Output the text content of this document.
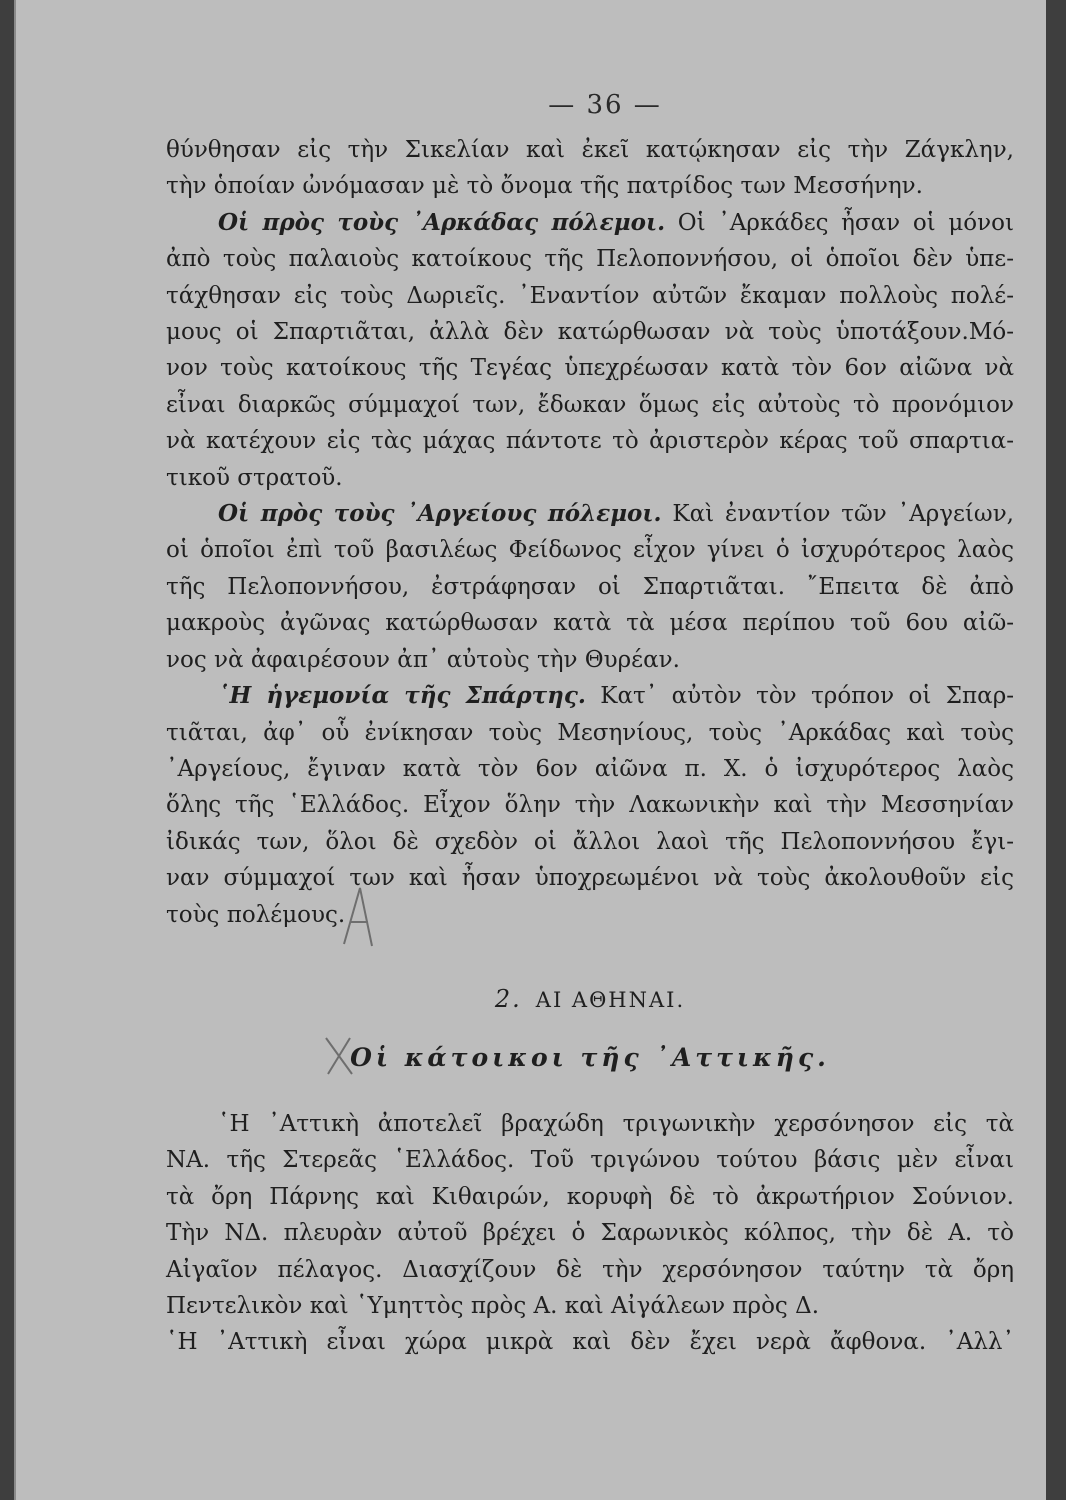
— 36 —
θύνθησαν εἰς τὴν Σικελίαν καὶ ἐκεῖ κατῴκησαν εἰς τὴν Ζάγκλην,
τὴν ὁποίαν ὠνόμασαν μὲ τὸ ὄνομα τῆς πατρίδος των Μεσσήνην.
Οἱ πρὸς τοὺς ᾿Αρκάδας πόλεμοι. Οἱ ᾿Αρκάδες ἦσαν οἱ μόνοι
ἀπὸ τοὺς παλαιοὺς κατοίκους τῆς Πελοποννήσου, οἱ ὁποῖοι δὲν ὑπε-
τάχθησαν εἰς τοὺς Δωριεῖς. ᾿Εναντίον αὐτῶν ἔκαμαν πολλοὺς πολέ-
μους οἱ Σπαρτιᾶται, ἀλλὰ δὲν κατώρθωσαν νὰ τοὺς ὑποτάξουν.Μό-
νον τοὺς κατοίκους τῆς Τεγέας ὑπεχρέωσαν κατὰ τὸν 6ον αἰῶνα νὰ
εἶναι διαρκῶς σύμμαχοί των, ἔδωκαν ὅμως εἰς αὐτοὺς τὸ προνόμιον
νὰ κατέχουν εἰς τὰς μάχας πάντοτε τὸ ἀριστερὸν κέρας τοῦ σπαρτια-
τικοῦ στρατοῦ.
Οἱ πρὸς τοὺς ᾿Αργείους πόλεμοι. Καὶ ἐναντίον τῶν ᾿Αργείων,
οἱ ὁποῖοι ἐπὶ τοῦ βασιλέως Φείδωνος εἶχον γίνει ὁ ἰσχυρότερος λαὸς
τῆς Πελοποννήσου, ἐστράφησαν οἱ Σπαρτιᾶται. ῎Επειτα δὲ ἀπὸ
μακροὺς ἀγῶνας κατώρθωσαν κατὰ τὰ μέσα περίπου τοῦ 6ου αἰῶ-
νος νὰ ἀφαιρέσουν ἀπ᾿ αὐτοὺς τὴν Θυρέαν.
῾Η ἡγεμονία τῆς Σπάρτης. Κατ᾿ αὐτὸν τὸν τρόπον οἱ Σπαρ-
τιᾶται, ἀφ᾿ οὗ ἐνίκησαν τοὺς Μεσηνίους, τοὺς ᾿Αρκάδας καὶ τοὺς
᾿Αργείους, ἔγιναν κατὰ τὸν 6ον αἰῶνα π. Χ. ὁ ἰσχυρότερος λαὸς
ὅλης τῆς ῾Ελλάδος. Εἶχον ὅλην τὴν Λακωνικὴν καὶ τὴν Μεσσηνίαν
ἰδικάς των, ὅλοι δὲ σχεδὸν οἱ ἄλλοι λαοὶ τῆς Πελοποννήσου ἔγι-
ναν σύμμαχοί των καὶ ἦσαν ὑποχρεωμένοι νὰ τοὺς ἀκολουθοῦν εἰς
τοὺς πολέμους.
2. ΑΙ ΑΘΗΝΑΙ.
Οἱ κάτοικοι τῆς ᾿Αττικῆς.
῾Η ᾿Αττικὴ ἀποτελεῖ βραχώδη τριγωνικὴν χερσόνησον εἰς τὰ
ΝΑ. τῆς Στερεᾶς ῾Ελλάδος. Τοῦ τριγώνου τούτου βάσις μὲν εἶναι
τὰ ὄρη Πάρνης καὶ Κιθαιρών, κορυφὴ δὲ τὸ ἀκρωτήριον Σούνιον.
Τὴν ΝΔ. πλευρὰν αὐτοῦ βρέχει ὁ Σαρωνικὸς κόλπος, τὴν δὲ Α. τὸ
Αἰγαῖον πέλαγος. Διασχίζουν δὲ τὴν χερσόνησον ταύτην τὰ ὄρη
Πεντελικὸν καὶ ῾Υμηττὸς πρὸς Α. καὶ Αἰγάλεων πρὸς Δ.
῾Η ᾿Αττικὴ εἶναι χώρα μικρὰ καὶ δὲν ἔχει νερὰ ἄφθονα. ᾿Αλλ᾿
